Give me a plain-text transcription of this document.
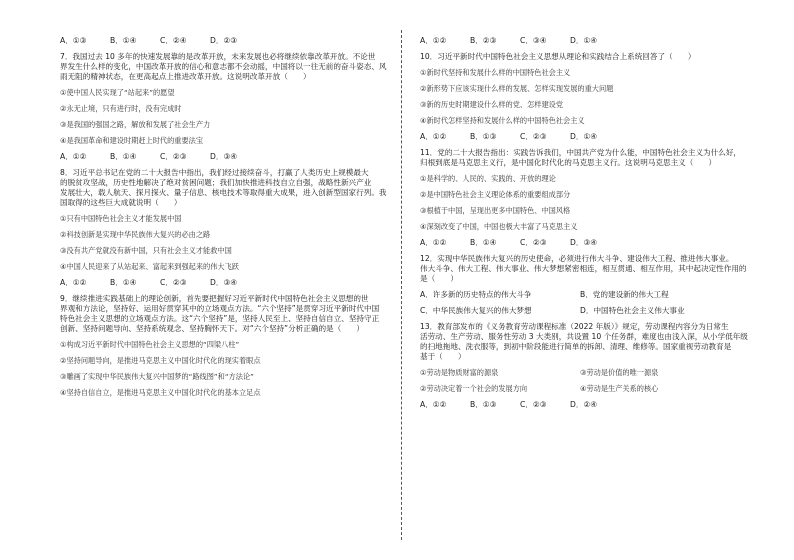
A．①③	B．①④	C．②④	D．②③
7．我国过去 10 多年的快速发展靠的是改革开放，未来发展也必将继续依靠改革开放。不论世
界发生什么样的变化，中国改革开放的信心和意志都不会动摇，中国将以一往无前的奋斗姿态、风
雨无阻的精神状态，在更高起点上推进改革开放。这说明改革开放（　　）
①使中国人民实现了“站起来”的愿望
②永无止境，只有进行时，没有完成时
③是我国的强国之路，解放和发展了社会生产力
④是我国革命和建设时期赶上时代的重要法宝
A．①②	B．①④	C．②③	D．③④
8．习近平总书记在党的二十大报告中指出，我们经过接续奋斗，打赢了人类历史上规模最大
的脱贫攻坚战，历史性地解决了绝对贫困问题；我们加快推进科技自立自强，战略性新兴产业
发展壮大，载人航天、探月探火、量子信息、核电技术等取得重大成果，进入创新型国家行列。我
国取得的这些巨大成就说明（　　）
①只有中国特色社会主义才能发展中国
②科技创新是实现中华民族伟大复兴的必由之路
③没有共产党就没有新中国，只有社会主义才能救中国
④中国人民迎来了从站起来、富起来到强起来的伟大飞跃
A．①②	B．①④	C．②③	D．③④
9．继续推进实践基础上的理论创新，首先要把握好习近平新时代中国特色社会主义思想的世
界观和方法论，坚持好、运用好贯穿其中的立场观点方法。“六个坚持”是贯穿习近平新时代中国
特色社会主义思想的立场观点方法。这“六个坚持”是，坚持人民至上、坚持自信自立、坚持守正
创新、坚持问题导向、坚持系统观念、坚持胸怀天下。对“六个坚持”分析正确的是（　　）
①构成习近平新时代中国特色社会主义思想的“四梁八柱”
②坚持问题导向，是推进马克思主义中国化时代化的现实着眼点
③雕画了实现中华民族伟大复兴中国梦的“路线图”和“方法论”
④坚持自信自立，是推进马克思主义中国化时代化的基本立足点
A．①②	B．②③	C．③④	D．①④
10．习近平新时代中国特色社会主义思想从理论和实践结合上系统回答了（　　）
①新时代坚持和发展什么样的中国特色社会主义
②新形势下应该实现什么样的发展、怎样实现发展的重大问题
③新的历史时期建设什么样的党、怎样建设党
④新时代怎样坚持和发展什么样的中国特色社会主义
A．①②	B．①③	C．②③	D．①④
11．党的二十大报告指出：实践告诉我们，中国共产党为什么能，中国特色社会主义为什么好，
归根到底是马克思主义行，是中国化时代化的马克思主义行。这说明马克思主义（　　）
①是科学的、人民的、实践的、开放的理论
②是中国特色社会主义理论体系的重要组成部分
③根植于中国，呈现出更多中国特色、中国风格
④深刻改变了中国，中国也极大丰富了马克思主义
A．①②	B．①④	C．②③	D．③④
12．实现中华民族伟大复兴的历史使命，必须进行伟大斗争、建设伟大工程、推进伟大事业。
伟大斗争、伟大工程、伟大事业、伟大梦想紧密相连，相互贯通、相互作用，其中起决定性作用的
是（　　）
A．许多新的历史特点的伟大斗争	B．党的建设新的伟大工程
C．中华民族伟大复兴的伟大梦想	D．中国特色社会主义伟大事业
13．教育部发布的《义务教育劳动课程标准（2022 年版）》规定，劳动课程内容分为日常生
活劳动、生产劳动、服务性劳动 3 大类别，共设置 10 个任务群，难度也由浅入深，从小学低年级
的扫地拖地、洗衣服等，到初中阶段能进行简单的拆卸、清理、维修等。国家重视劳动教育是
基于（　　）
①劳动是物质财富的源泉	③劳动是价值的唯一源泉
②劳动决定着一个社会的发展方向	④劳动是生产关系的核心
A．①②	B．①③	C．②③	D．②④
